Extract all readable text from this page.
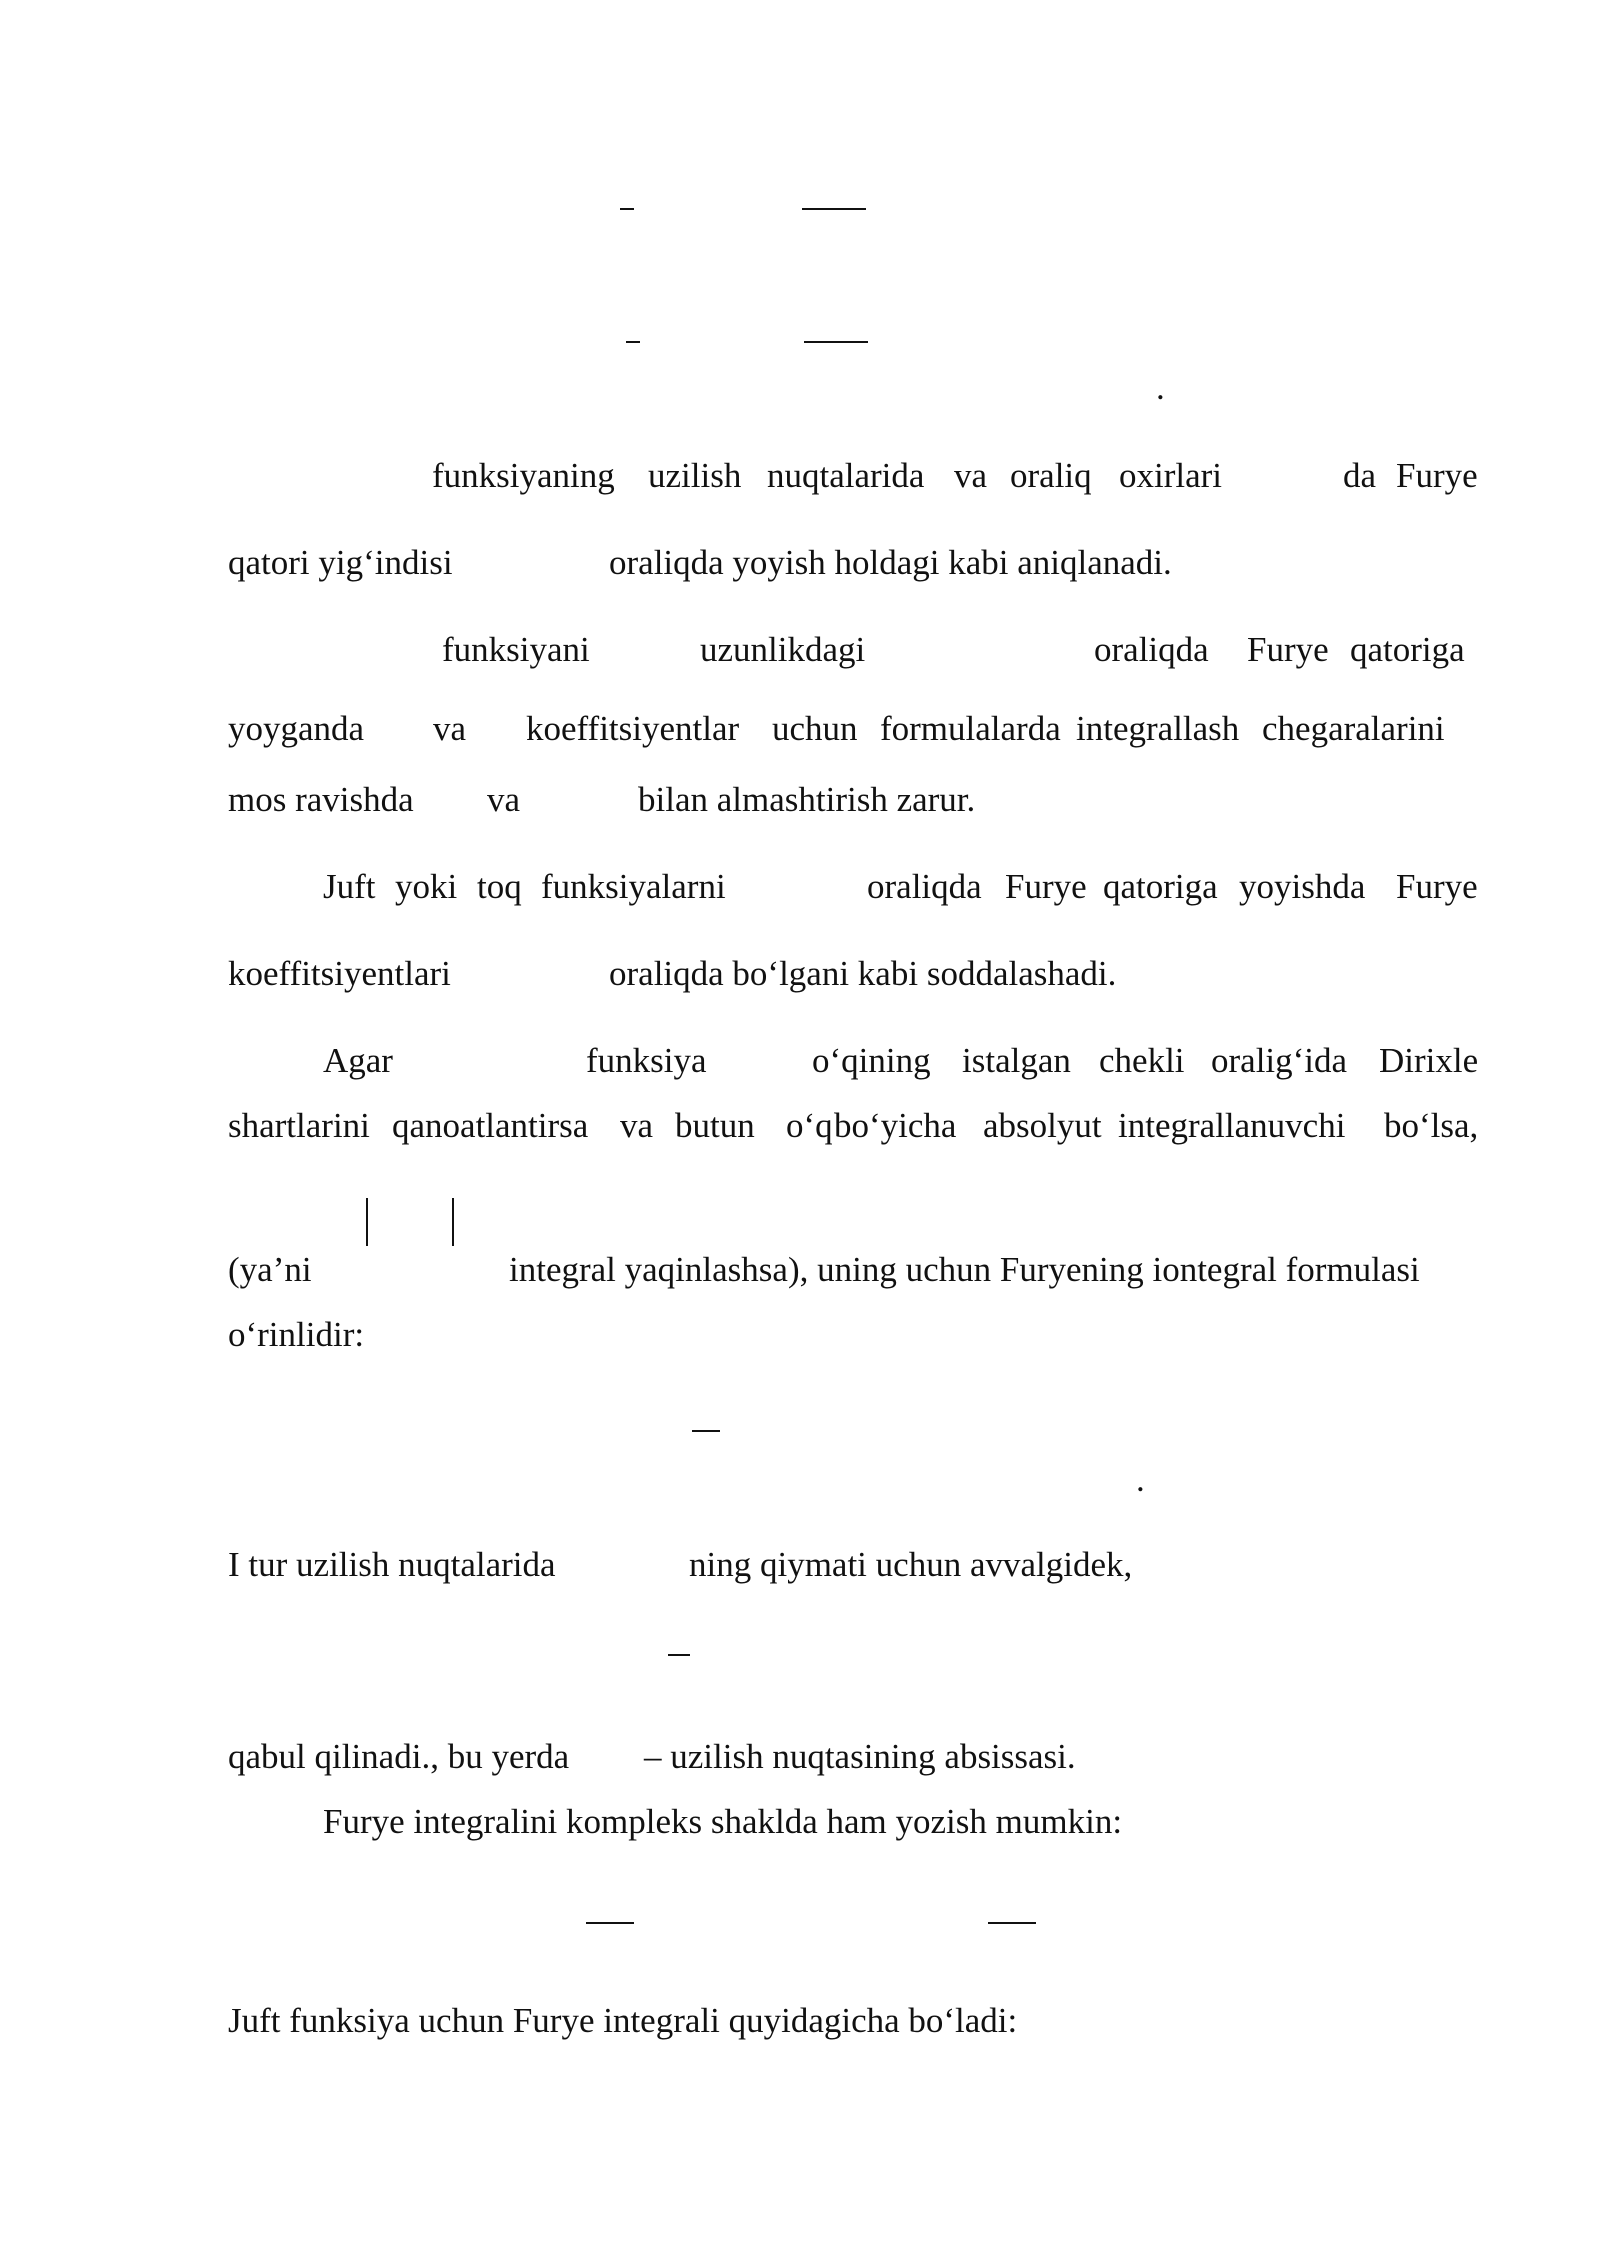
.
funksiyaning uzilish nuqtalarida va oraliq oxirlari	da Furye
qatori yig‘indisi	oraliqda yoyish holdagi kabi aniqlanadi.
funksiyani	uzunlikdagi	oraliqda Furye qatoriga
yoyganda va koeffitsiyentlar uchun formulalarda integrallash chegaralarini
mos ravishda va	bilan almashtirish zarur.
Juft yoki toq funksiyalarni	oraliqda Furye qatoriga yoyishda Furye
koeffitsiyentlari	oraliqda bo‘lgani kabi soddalashadi.
Agar	funksiya	o‘qining istalgan chekli oralig‘ida Dirixle
shartlarini qanoatlantirsa va butun o‘q bo‘yicha absolyut integrallanuvchi bo‘lsa,
(ya’ni	integral yaqinlashsa), uning uchun Furyening iontegral formulasi
o‘rinlidir:
.
I tur uzilish nuqtalarida	ning qiymati uchun avvalgidek,
qabul qilinadi., bu yerda – uzilish nuqtasining absissasi.
Furye integralini kompleks shaklda ham yozish mumkin:
Juft funksiya uchun Furye integrali quyidagicha bo‘ladi:
